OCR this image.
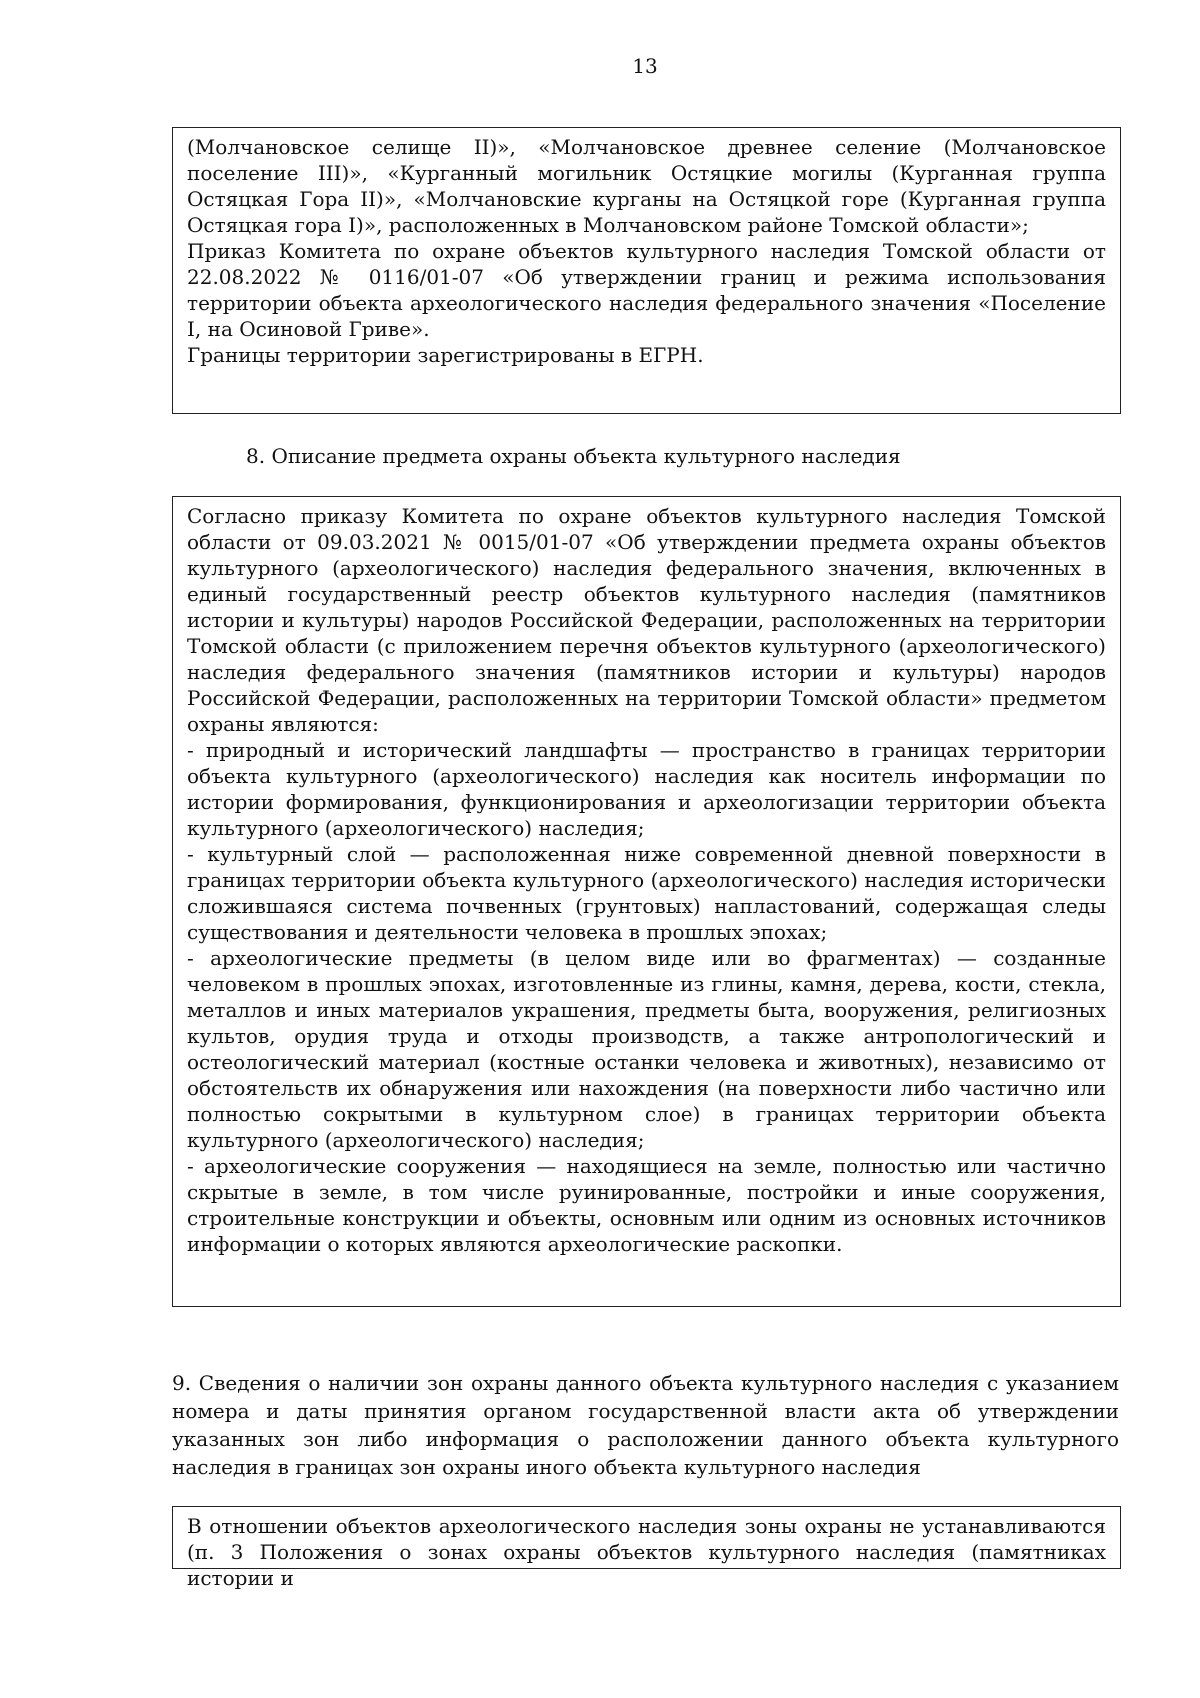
13

(Молчановское селище II)», «Молчановское древнее селение (Молчановское поселение III)», «Курганный могильник Остяцкие могилы (Курганная группа Остяцкая Гора II)», «Молчановские курганы на Остяцкой горе (Курганная группа Остяцкая гора I)», расположенных в Молчановском районе Томской области»;

Приказ Комитета по охране объектов культурного наследия Томской области от 22.08.2022 № 0116/01-07 «Об утверждении границ и режима использования территории объекта археологического наследия федерального значения «Поселение I, на Осиновой Гриве».

Границы территории зарегистрированы в ЕГРН.

8. Описание предмета охраны объекта культурного наследия

Согласно приказу Комитета по охране объектов культурного наследия Томской области от 09.03.2021 № 0015/01-07 «Об утверждении предмета охраны объектов культурного (археологического) наследия федерального значения, включенных в единый государственный реестр объектов культурного наследия (памятников истории и культуры) народов Российской Федерации, расположенных на территории Томской области (с приложением перечня объектов культурного (археологического) наследия федерального значения (памятников истории и культуры) народов Российской Федерации, расположенных на территории Томской области» предметом охраны являются:

- природный и исторический ландшафты — пространство в границах территории объекта культурного (археологического) наследия как носитель информации по истории формирования, функционирования и археологизации территории объекта культурного (археологического) наследия;

- культурный слой — расположенная ниже современной дневной поверхности в границах территории объекта культурного (археологического) наследия исторически сложившаяся система почвенных (грунтовых) напластований, содержащая следы существования и деятельности человека в прошлых эпохах;

- археологические предметы (в целом виде или во фрагментах) — созданные человеком в прошлых эпохах, изготовленные из глины, камня, дерева, кости, стекла, металлов и иных материалов украшения, предметы быта, вооружения, религиозных культов, орудия труда и отходы производств, а также антропологический и остеологический материал (костные останки человека и животных), независимо от обстоятельств их обнаружения или нахождения (на поверхности либо частично или полностью сокрытыми в культурном слое) в границах территории объекта культурного (археологического) наследия;

- археологические сооружения — находящиеся на земле, полностью или частично скрытые в земле, в том числе руинированные, постройки и иные сооружения, строительные конструкции и объекты, основным или одним из основных источников информации о которых являются археологические раскопки.

9. Сведения о наличии зон охраны данного объекта культурного наследия с указанием номера и даты принятия органом государственной власти акта об утверждении указанных зон либо информация о расположении данного объекта культурного наследия в границах зон охраны иного объекта культурного наследия

В отношении объектов археологического наследия зоны охраны не устанавливаются (п. 3 Положения о зонах охраны объектов культурного наследия (памятниках истории и
